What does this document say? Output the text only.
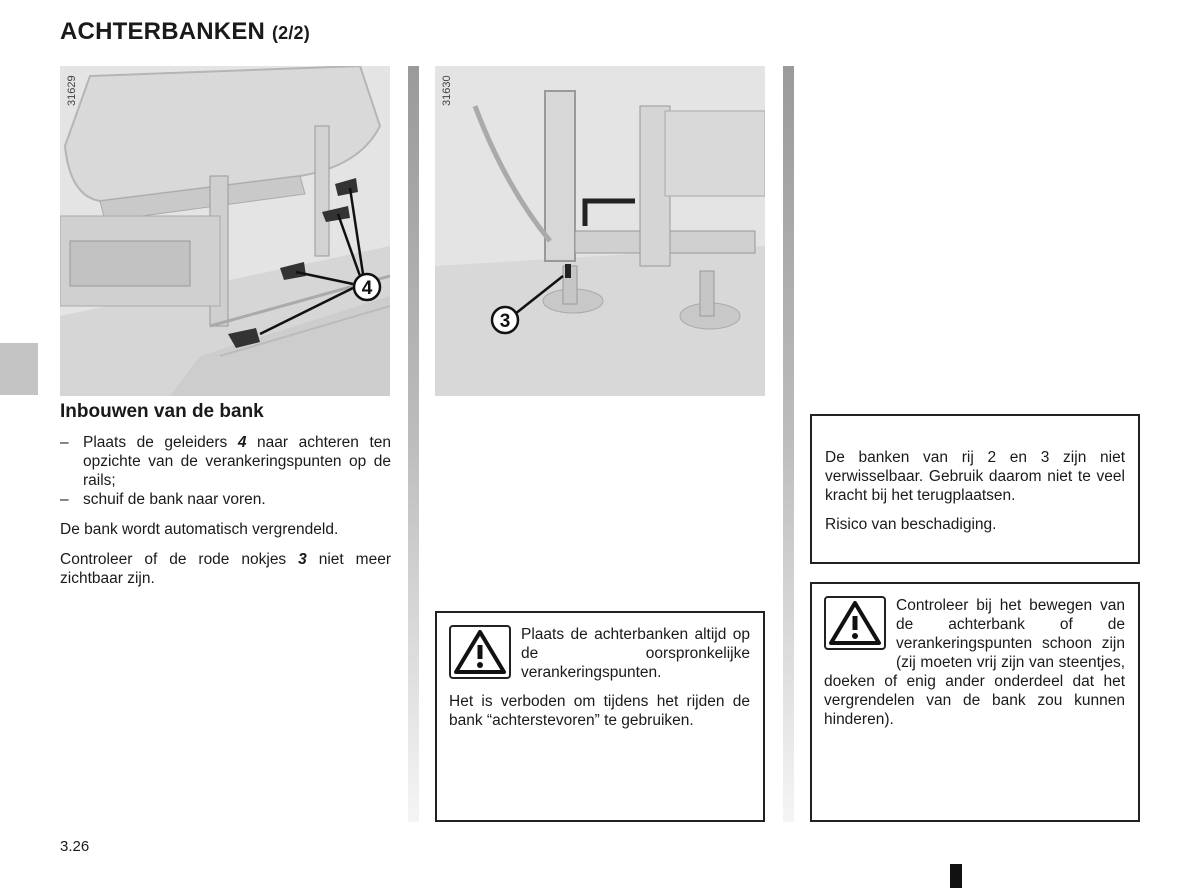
ACHTERBANKEN (2/2)
4
31629
3
31630
Inbouwen van de bank
– Plaats de geleiders 4 naar achteren ten opzichte van de verankeringspunten op de rails;
– schuif de bank naar voren.

De bank wordt automatisch vergrendeld.

Controleer of de rode nokjes 3 niet meer zichtbaar zijn.

Plaats de achterbanken altijd op de oorspronkelijke verankeringspunten.

Het is verboden om tijdens het rijden de bank “achterstevoren” te gebruiken.

De banken van rij 2 en 3 zijn niet verwisselbaar. Gebruik daarom niet te veel kracht bij het terugplaatsen.

Risico van beschadiging.

Controleer bij het bewegen van de achterbank of de verankeringspunten schoon zijn (zij moeten vrij zijn van steentjes, doeken of enig ander onderdeel dat het vergrendelen van de bank zou kunnen hinderen).

3.26
